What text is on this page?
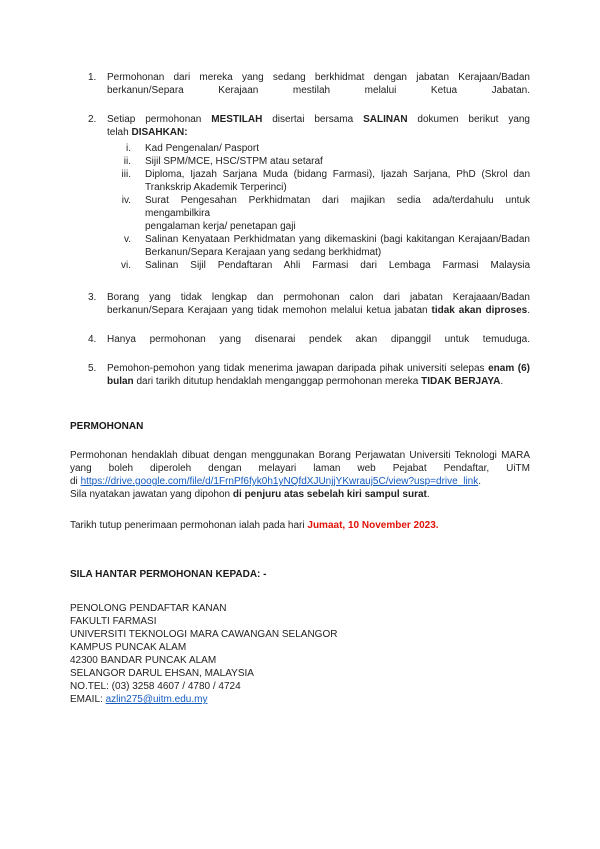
1.	Permohonan dari mereka yang sedang berkhidmat dengan jabatan Kerajaan/Badan
berkanun/Separa Kerajaan mestilah melalui Ketua Jabatan.
2.	Setiap permohonan MESTILAH disertai bersama SALINAN dokumen berikut yang
telah DISAHKAN:
i. Kad Pengenalan/ Pasport
ii. Sijil SPM/MCE, HSC/STPM atau setaraf
iii. Diploma, Ijazah Sarjana Muda (bidang Farmasi), Ijazah Sarjana, PhD (Skrol dan
Trankskrip Akademik Terperinci)
iv. Surat Pengesahan Perkhidmatan dari majikan sedia ada/terdahulu untuk mengambilkira
pengalaman kerja/ penetapan gaji
v. Salinan Kenyataan Perkhidmatan yang dikemaskini (bagi kakitangan Kerajaan/Badan
Berkanun/Separa Kerajaan yang sedang berkhidmat)
vi. Salinan Sijil Pendaftaran Ahli Farmasi dari Lembaga Farmasi Malaysia
3.	Borang yang tidak lengkap dan permohonan calon dari jabatan Kerajaaan/Badan
berkanun/Separa Kerajaan yang tidak memohon melalui ketua jabatan tidak akan diproses.
4.	Hanya permohonan yang disenarai pendek akan dipanggil untuk temuduga.
5.	Pemohon-pemohon yang tidak menerima jawapan daripada pihak universiti selepas enam (6)
bulan dari tarikh ditutup hendaklah menganggap permohonan mereka TIDAK BERJAYA.
PERMOHONAN
Permohonan hendaklah dibuat dengan menggunakan Borang Perjawatan Universiti Teknologi MARA
yang boleh diperoleh dengan melayari laman web Pejabat Pendaftar, UiTM
di https://drive.google.com/file/d/1FrnPf6fyk0h1yNQfdXJUnjjYKwrauj5C/view?usp=drive_link.
Sila nyatakan jawatan yang dipohon di penjuru atas sebelah kiri sampul surat.
Tarikh tutup penerimaan permohonan ialah pada hari Jumaat, 10 November 2023.
SILA HANTAR PERMOHONAN KEPADA: -
PENOLONG PENDAFTAR KANAN
FAKULTI FARMASI
UNIVERSITI TEKNOLOGI MARA CAWANGAN SELANGOR
KAMPUS PUNCAK ALAM
42300 BANDAR PUNCAK ALAM
SELANGOR DARUL EHSAN, MALAYSIA
NO.TEL: (03) 3258 4607 / 4780 / 4724
EMAIL: azlin275@uitm.edu.my
